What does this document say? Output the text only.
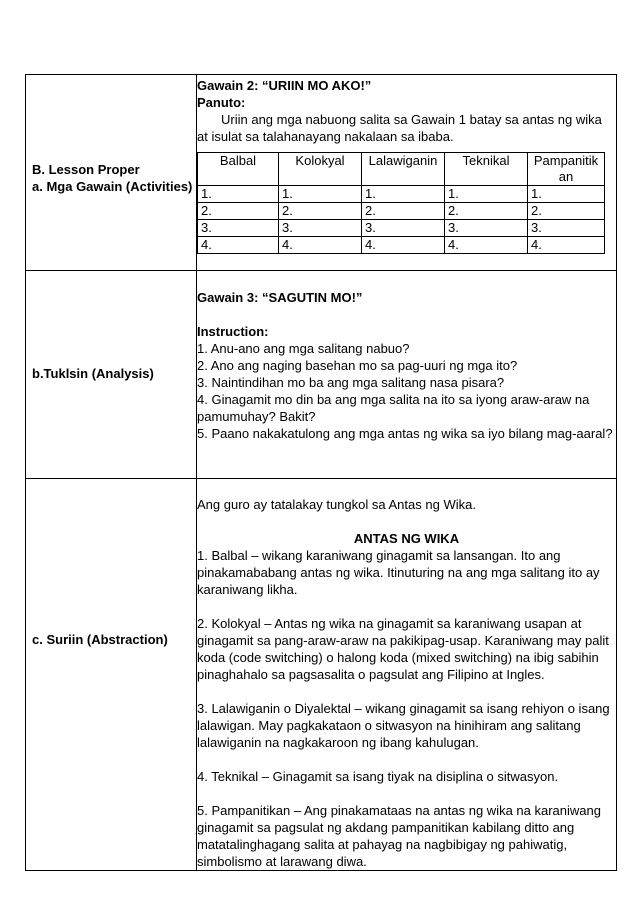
B. Lesson Proper
a. Mga Gawain (Activities)

Gawain 2: “URIIN MO AKO!”

Panuto:

Uriin ang mga nabuong salita sa Gawain 1 batay sa antas ng wika at isulat sa talahanayang nakalaan sa ibaba.

Balbal	Kolokyal	Lalawiganin	Teknikal	Pampanitikan
1.	1.	1.	1.	1.
2.	2.	2.	2.	2.
3.	3.	3.	3.	3.
4.	4.	4.	4.	4.

b.Tuklsin (Analysis)

Gawain 3: “SAGUTIN MO!”

Instruction:

1. Anu-ano ang mga salitang nabuo?

2. Ano ang naging basehan mo sa pag-uuri ng mga ito?

3. Naintindihan mo ba ang mga salitang nasa pisara?

4. Ginagamit mo din ba ang mga salita na ito sa iyong araw-araw na pamumuhay? Bakit?

5. Paano nakakatulong ang mga antas ng wika sa iyo bilang mag-aaral?

c. Suriin (Abstraction)

Ang guro ay tatalakay tungkol sa Antas ng Wika.

ANTAS NG WIKA

1. Balbal – wikang karaniwang ginagamit sa lansangan. Ito ang pinakamababang antas ng wika. Itinuturing na ang mga salitang ito ay karaniwang likha.

2. Kolokyal – Antas ng wika na ginagamit sa karaniwang usapan at ginagamit sa pang-araw-araw na pakikipag-usap. Karaniwang may palit koda (code switching) o halong koda (mixed switching) na ibig sabihin pinaghahalo sa pagsasalita o pagsulat ang Filipino at Ingles.

3. Lalawiganin o Diyalektal – wikang ginagamit sa isang rehiyon o isang lalawigan. May pagkakataon o sitwasyon na hinihiram ang salitang lalawiganin na nagkakaroon ng ibang kahulugan.

4. Teknikal – Ginagamit sa isang tiyak na disiplina o sitwasyon.

5. Pampanitikan – Ang pinakamataas na antas ng wika na karaniwang ginagamit sa pagsulat ng akdang pampanitikan kabilang ditto ang matatalinghagang salita at pahayag na nagbibigay ng pahiwatig, simbolismo at larawang diwa.
